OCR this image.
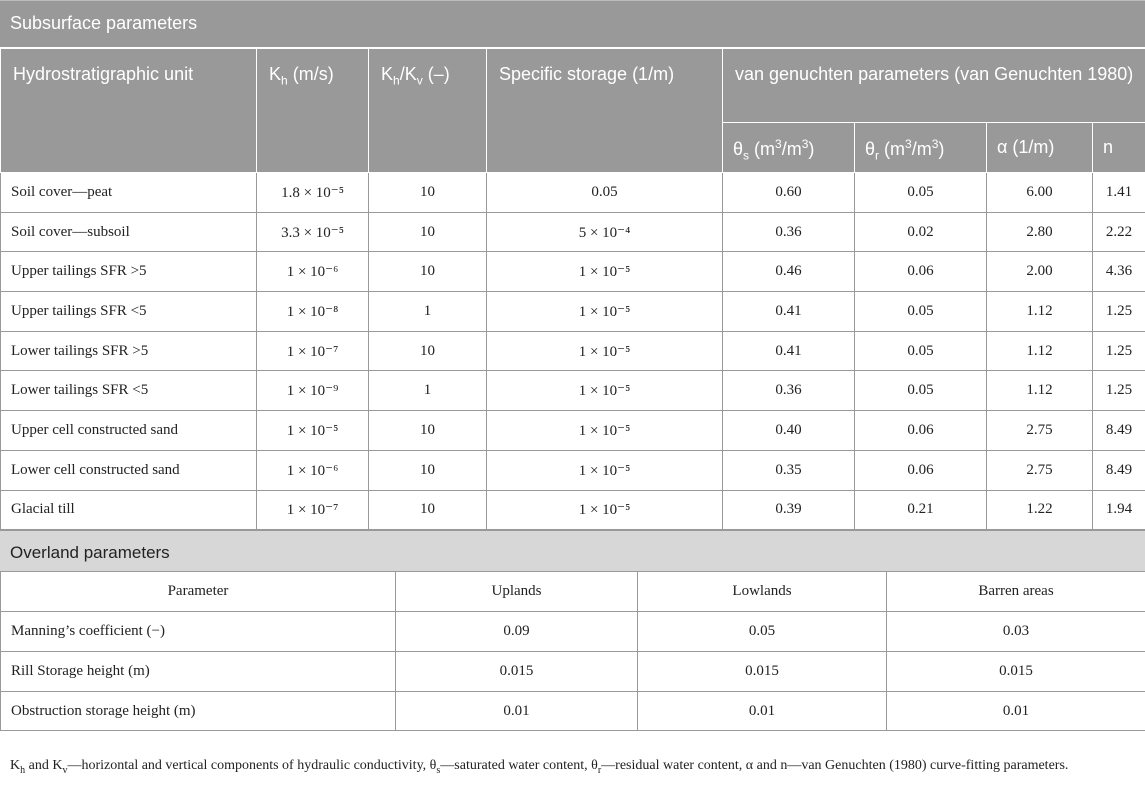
Subsurface parameters
Hydrostratigraphic unit	$K_h$ (m/s)	$K_h/K_v$ (–)	Specific storage (1/m)	van genuchten parameters (van Genuchten 1980)			
				$\theta_s$ $(m^3/m^3)$	$\theta_r$ $(m^3/m^3)$	α (1/m)	n
Soil cover—peat	1.8 × 10⁻⁵	10	0.05	0.60	0.05	6.00	1.41
Soil cover—subsoil	3.3 × 10⁻⁵	10	5 × 10⁻⁴	0.36	0.02	2.80	2.22
Upper tailings SFR >5	1 × 10⁻⁶	10	1 × 10⁻⁵	0.46	0.06	2.00	4.36
Upper tailings SFR <5	1 × 10⁻⁸	1	1 × 10⁻⁵	0.41	0.05	1.12	1.25
Lower tailings SFR >5	1 × 10⁻⁷	10	1 × 10⁻⁵	0.41	0.05	1.12	1.25
Lower tailings SFR <5	1 × 10⁻⁹	1	1 × 10⁻⁵	0.36	0.05	1.12	1.25
Upper cell constructed sand	1 × 10⁻⁵	10	1 × 10⁻⁵	0.40	0.06	2.75	8.49
Lower cell constructed sand	1 × 10⁻⁶	10	1 × 10⁻⁵	0.35	0.06	2.75	8.49
Glacial till	1 × 10⁻⁷	10	1 × 10⁻⁵	0.39	0.21	1.22	1.94
Overland parameters
Parameter	Uplands	Lowlands	Barren areas
Manning’s coefficient (−)	0.09	0.05	0.03
Rill Storage height (m)	0.015	0.015	0.015
Obstruction storage height (m)	0.01	0.01	0.01
$K_h$ and $K_v—horizontal$ and vertical components of hydraulic conductivity, $\theta_s—saturated$ water content, $\theta_r—residual$ water content, α and n—van Genuchten (1980) curve-fitting parameters.
